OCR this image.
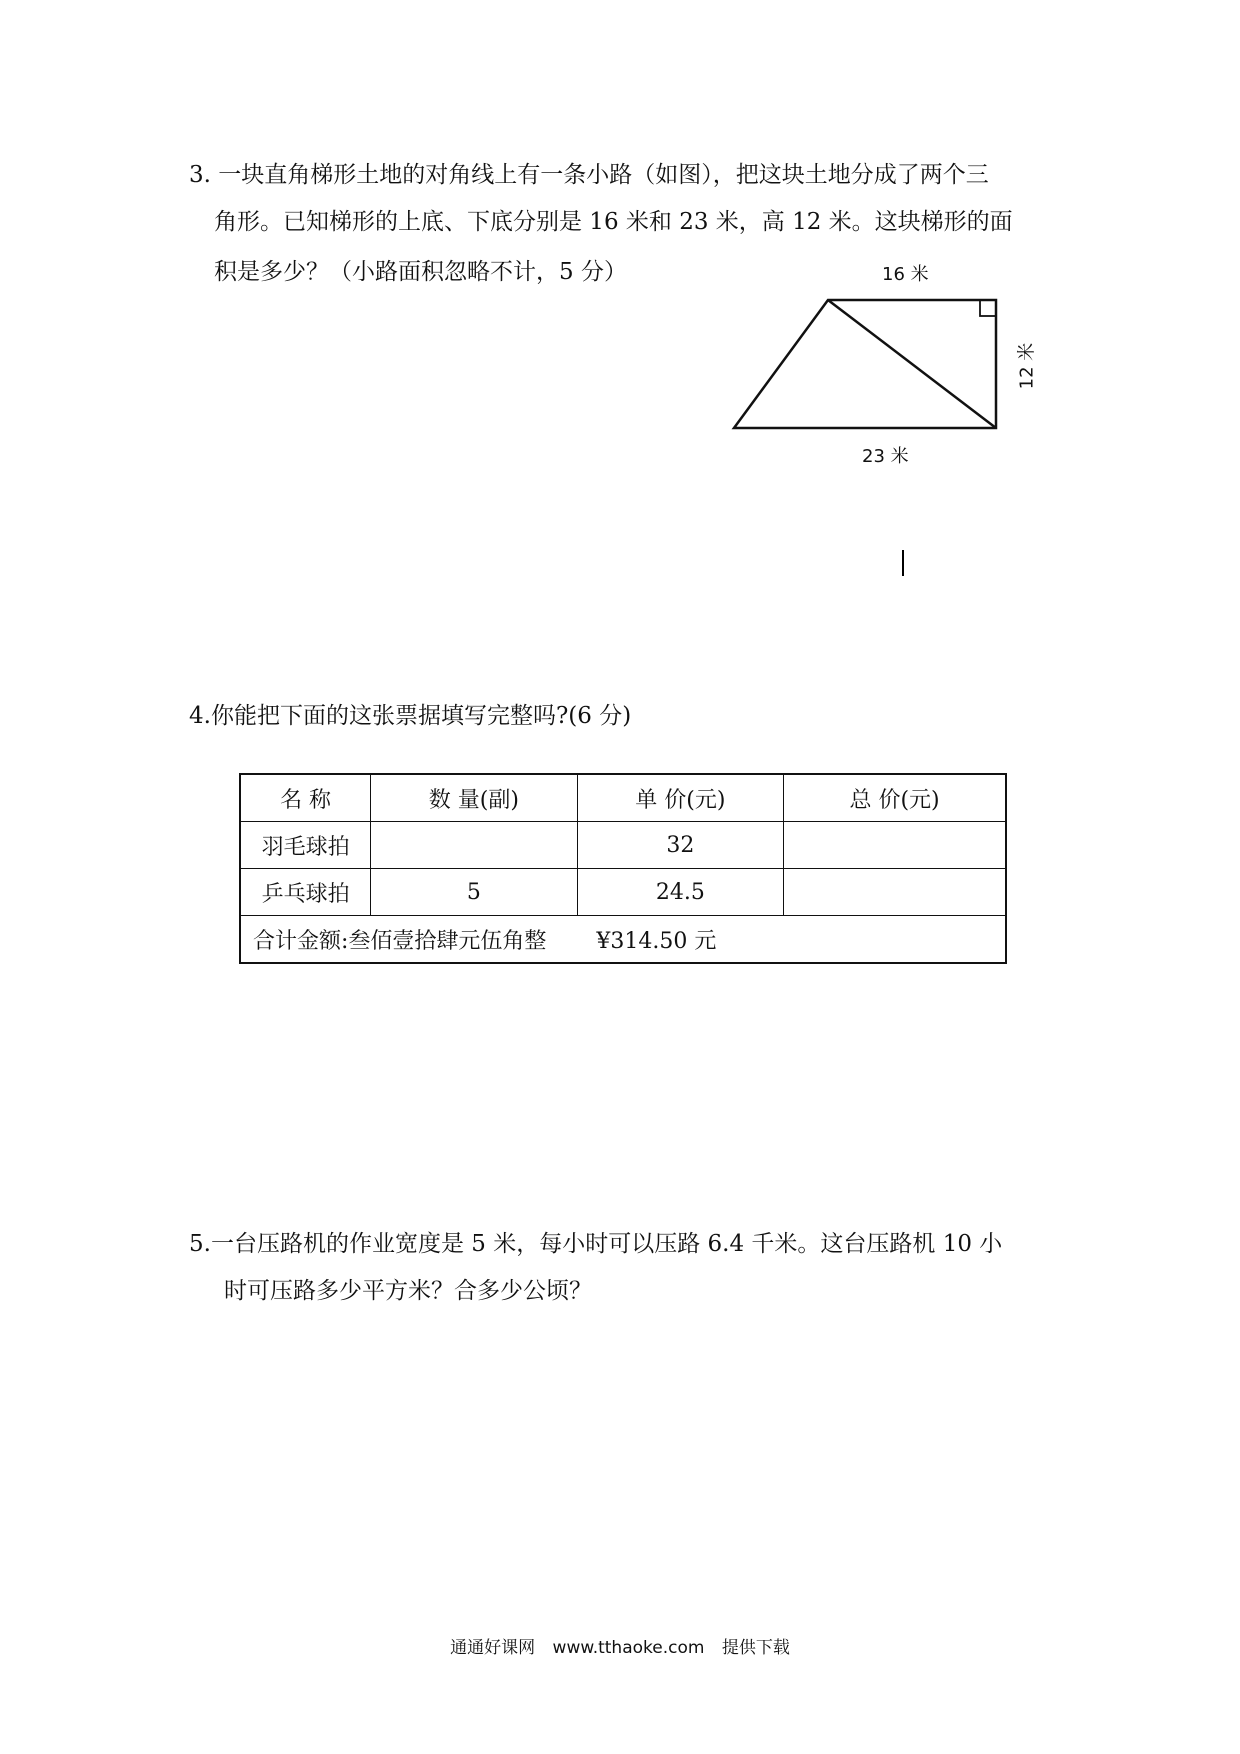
3. 一块直角梯形土地的对角线上有一条小路（如图），把这块土地分成了两个三

角形。已知梯形的上底、下底分别是 16 米和 23 米，高 12 米。这块梯形的面

积是多少？（小路面积忽略不计，5 分）	16 米
23 米
12 米

4.你能把下面的这张票据填写完整吗?(6 分)

名 称	数 量(副)	单 价(元)	总 价(元)
羽毛球拍		32	
乒乓球拍	5	24.5	
合计金额:叁佰壹拾肆元伍角整 ¥314.50 元			

5.一台压路机的作业宽度是 5 米，每小时可以压路 6.4 千米。这台压路机 10 小

时可压路多少平方米？合多少公顷？

通通好课网 www.tthaoke.com 提供下载
